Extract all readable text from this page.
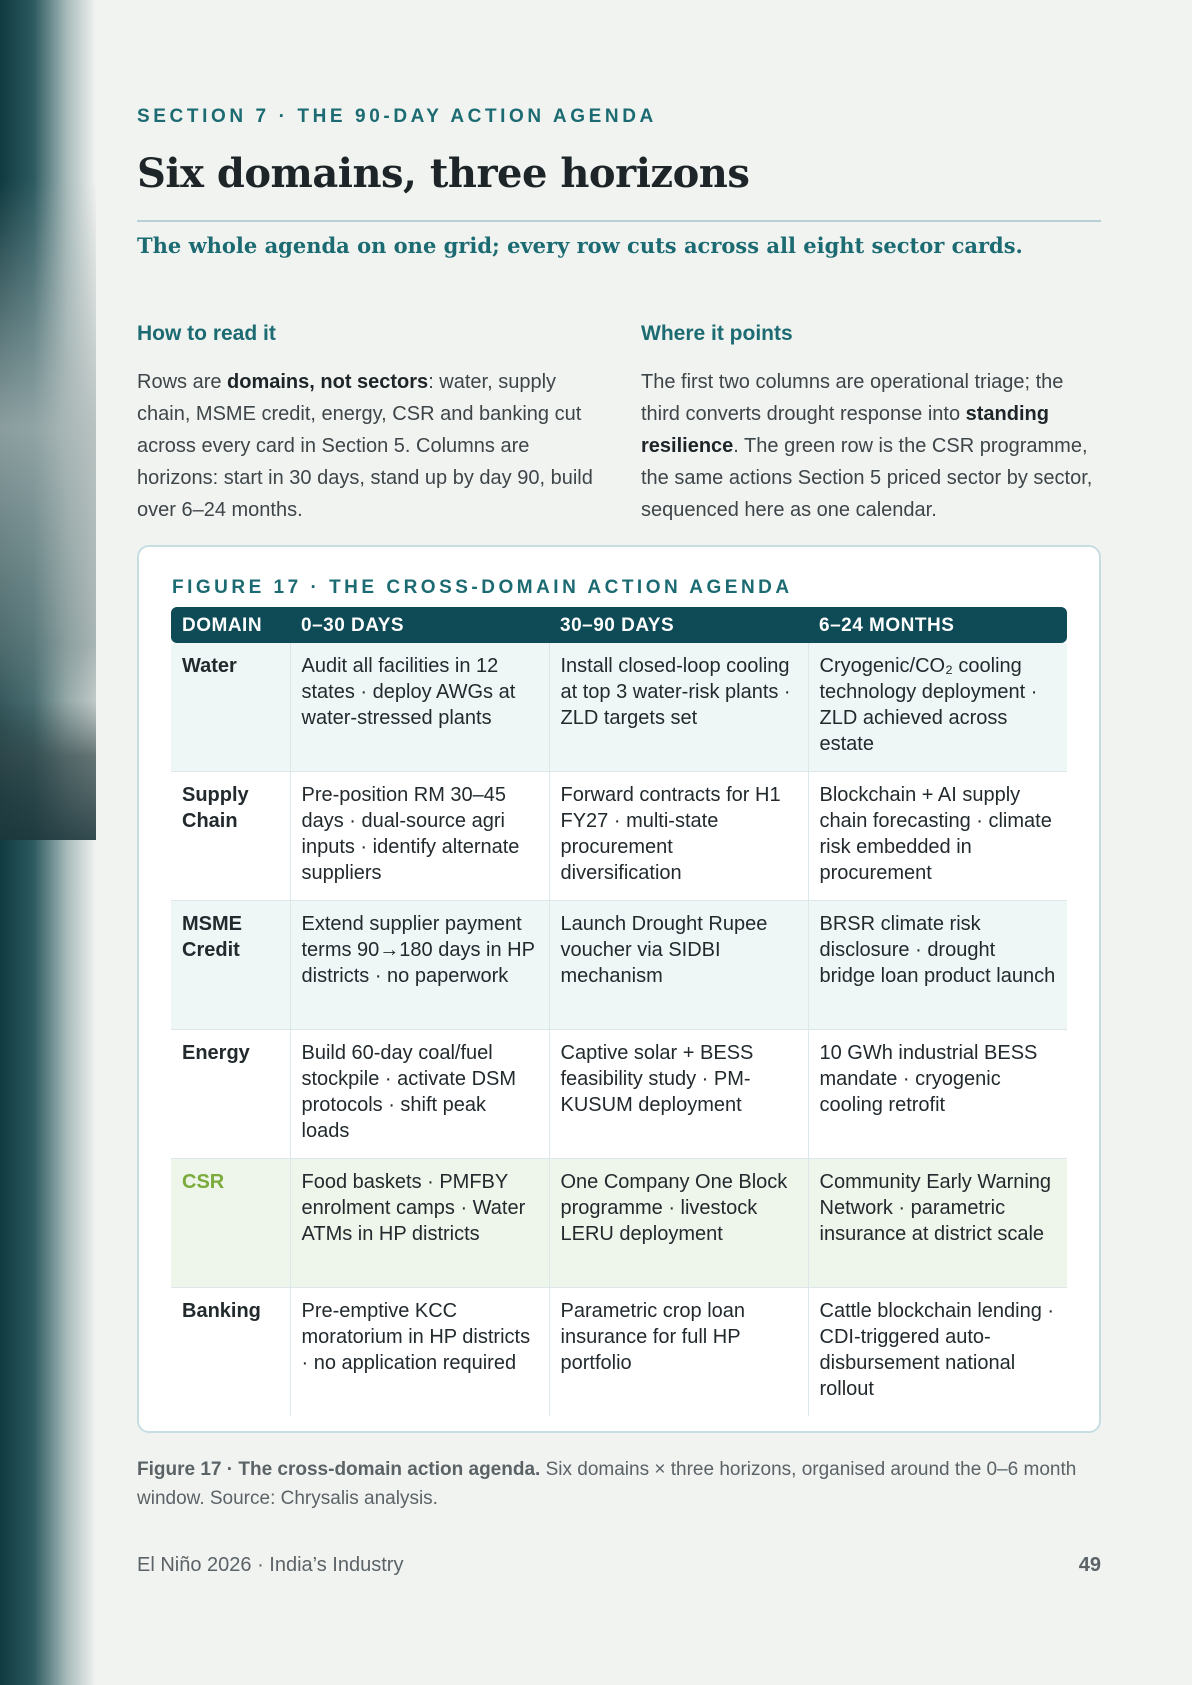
SECTION 7 · THE 90-DAY ACTION AGENDA
Six domains, three horizons
The whole agenda on one grid; every row cuts across all eight sector cards.
How to read it

Rows are domains, not sectors: water, supply chain, MSME credit, energy, CSR and banking cut across every card in Section 5. Columns are horizons: start in 30 days, stand up by day 90, build over 6–24 months.

Where it points

The first two columns are operational triage; the third converts drought response into standing resilience. The green row is the CSR programme, the same actions Section 5 priced sector by sector, sequenced here as one calendar.

FIGURE 17 · THE CROSS-DOMAIN ACTION AGENDA
DOMAIN	0–30 DAYS	30–90 DAYS	6–24 MONTHS
Water	Audit all facilities in 12 states · deploy AWGs at water-stressed plants	Install closed-loop cooling at top 3 water-risk plants · ZLD targets set	Cryogenic/CO₂ cooling technology deployment · ZLD achieved across estate
Supply Chain	Pre-position RM 30–45 days · dual-source agri inputs · identify alternate suppliers	Forward contracts for H1 FY27 · multi-state procurement diversification	Blockchain + AI supply chain forecasting · climate risk embedded in procurement
MSME Credit	Extend supplier payment terms 90→180 days in HP districts · no paperwork	Launch Drought Rupee voucher via SIDBI mechanism	BRSR climate risk disclosure · drought bridge loan product launch
Energy	Build 60-day coal/fuel stockpile · activate DSM protocols · shift peak loads	Captive solar + BESS feasibility study · PM-KUSUM deployment	10 GWh industrial BESS mandate · cryogenic cooling retrofit
CSR	Food baskets · PMFBY enrolment camps · Water ATMs in HP districts	One Company One Block programme · livestock LERU deployment	Community Early Warning Network · parametric insurance at district scale
Banking	Pre-emptive KCC moratorium in HP districts · no application required	Parametric crop loan insurance for full HP portfolio	Cattle blockchain lending · CDI-triggered auto-disbursement national rollout
Figure 17 · The cross-domain action agenda. Six domains × three horizons, organised around the 0–6 month window. Source: Chrysalis analysis.
El Niño 2026 · India’s Industry	49
